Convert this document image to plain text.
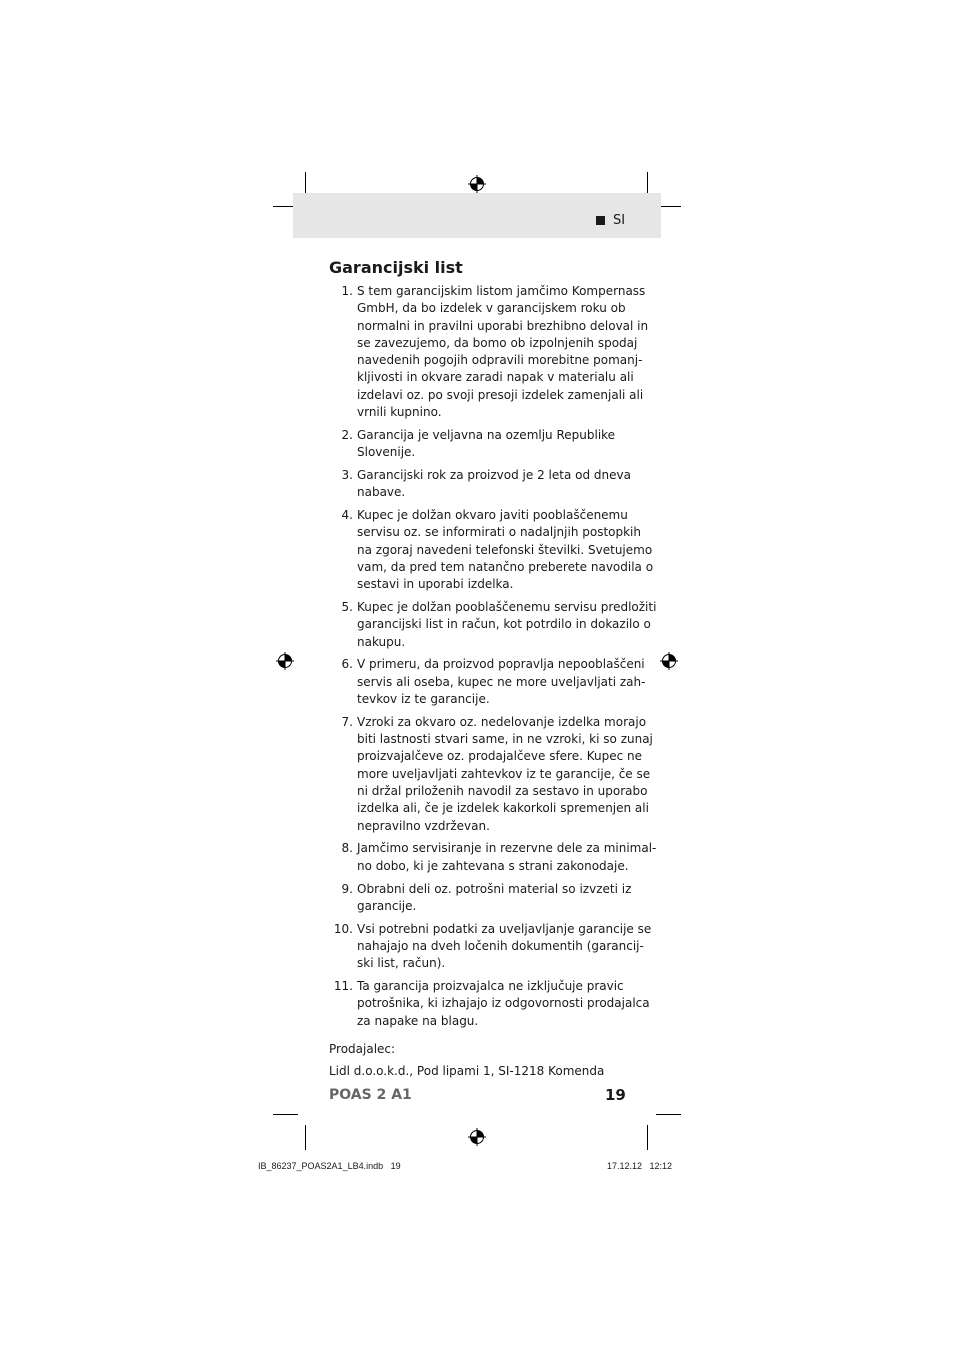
SI
Garancijski list
1. S tem garancijskim listom jamčimo Kompernass
GmbH, da bo izdelek v garancijskem roku ob
normalni in pravilni uporabi brezhibno deloval in
se zavezujemo, da bomo ob izpolnjenih spodaj
navedenih pogojih odpravili morebitne pomanj-
kljivosti in okvare zaradi napak v materialu ali
izdelavi oz. po svoji presoji izdelek zamenjali ali
vrnili kupnino.
2. Garancija je veljavna na ozemlju Republike
Slovenije.
3. Garancijski rok za proizvod je 2 leta od dneva
nabave.
4. Kupec je dolžan okvaro javiti pooblaščenemu
servisu oz. se informirati o nadaljnjih postopkih
na zgoraj navedeni telefonski številki. Svetujemo
vam, da pred tem natančno preberete navodila o
sestavi in uporabi izdelka.
5. Kupec je dolžan pooblaščenemu servisu predložiti
garancijski list in račun, kot potrdilo in dokazilo o
nakupu.
6. V primeru, da proizvod popravlja nepooblaščeni
servis ali oseba, kupec ne more uveljavljati zah-
tevkov iz te garancije.
7. Vzroki za okvaro oz. nedelovanje izdelka morajo
biti lastnosti stvari same, in ne vzroki, ki so zunaj
proizvajalčeve oz. prodajalčeve sfere. Kupec ne
more uveljavljati zahtevkov iz te garancije, če se
ni držal priloženih navodil za sestavo in uporabo
izdelka ali, če je izdelek kakorkoli spremenjen ali
nepravilno vzdrževan.
8. Jamčimo servisiranje in rezervne dele za minimal-
no dobo, ki je zahtevana s strani zakonodaje.
9. Obrabni deli oz. potrošni material so izvzeti iz
garancije.
10. Vsi potrebni podatki za uveljavljanje garancije se
nahajajo na dveh ločenih dokumentih (garancij-
ski list, račun).
11. Ta garancija proizvajalca ne izključuje pravic
potrošnika, ki izhajajo iz odgovornosti prodajalca
za napake na blagu.
Prodajalec:
Lidl d.o.o.k.d., Pod lipami 1, SI-1218 Komenda
POAS 2 A1	19
IB_86237_POAS2A1_LB4.indb   19	17.12.12   12:12
